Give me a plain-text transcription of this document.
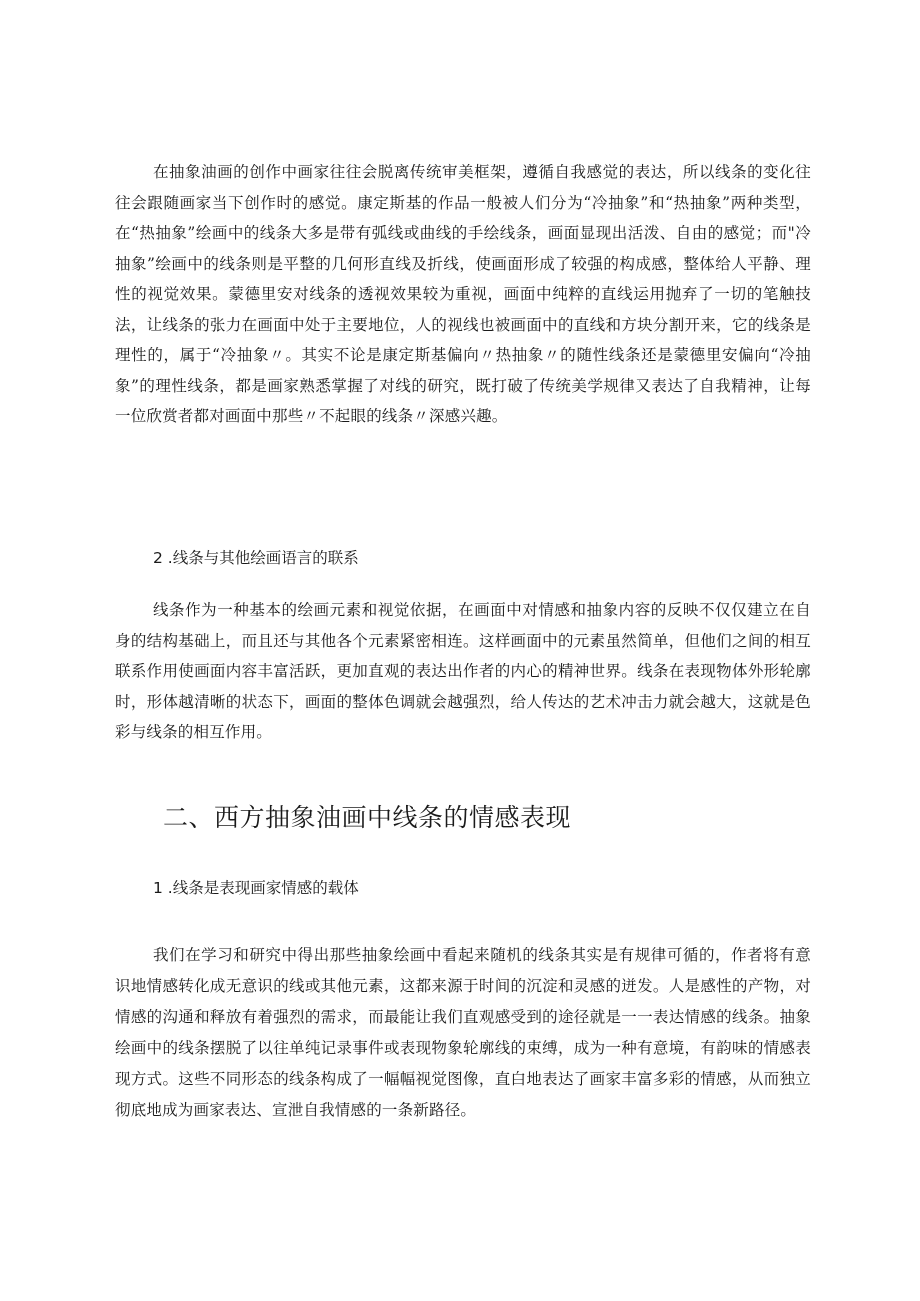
在抽象油画的创作中画家往往会脱离传统审美框架，遵循自我感觉的表达，所以线条的变化往往会跟随画家当下创作时的感觉。康定斯基的作品一般被人们分为“冷抽象”和“热抽象”两种类型，在“热抽象”绘画中的线条大多是带有弧线或曲线的手绘线条，画面显现出活泼、自由的感觉；而"冷抽象”绘画中的线条则是平整的几何形直线及折线，使画面形成了较强的构成感，整体给人平静、理性的视觉效果。蒙德里安对线条的透视效果较为重视，画面中纯粹的直线运用抛弃了一切的笔触技法，让线条的张力在画面中处于主要地位，人的视线也被画面中的直线和方块分割开来，它的线条是理性的，属于“冷抽象〃。其实不论是康定斯基偏向〃热抽象〃的随性线条还是蒙德里安偏向“冷抽象”的理性线条，都是画家熟悉掌握了对线的研究，既打破了传统美学规律又表达了自我精神，让每一位欣赏者都对画面中那些〃不起眼的线条〃深感兴趣。

2 .线条与其他绘画语言的联系

线条作为一种基本的绘画元素和视觉依据，在画面中对情感和抽象内容的反映不仅仅建立在自身的结构基础上，而且还与其他各个元素紧密相连。这样画面中的元素虽然简单，但他们之间的相互联系作用使画面内容丰富活跃，更加直观的表达出作者的内心的精神世界。线条在表现物体外形轮廓时，形体越清晰的状态下，画面的整体色调就会越强烈，给人传达的艺术冲击力就会越大，这就是色彩与线条的相互作用。

二、西方抽象油画中线条的情感表现
1 .线条是表现画家情感的载体

我们在学习和研究中得出那些抽象绘画中看起来随机的线条其实是有规律可循的，作者将有意识地情感转化成无意识的线或其他元素，这都来源于时间的沉淀和灵感的迸发。人是感性的产物，对情感的沟通和释放有着强烈的需求，而最能让我们直观感受到的途径就是一一表达情感的线条。抽象绘画中的线条摆脱了以往单纯记录事件或表现物象轮廓线的束缚，成为一种有意境，有韵味的情感表现方式。这些不同形态的线条构成了一幅幅视觉图像，直白地表达了画家丰富多彩的情感，从而独立彻底地成为画家表达、宣泄自我情感的一条新路径。
